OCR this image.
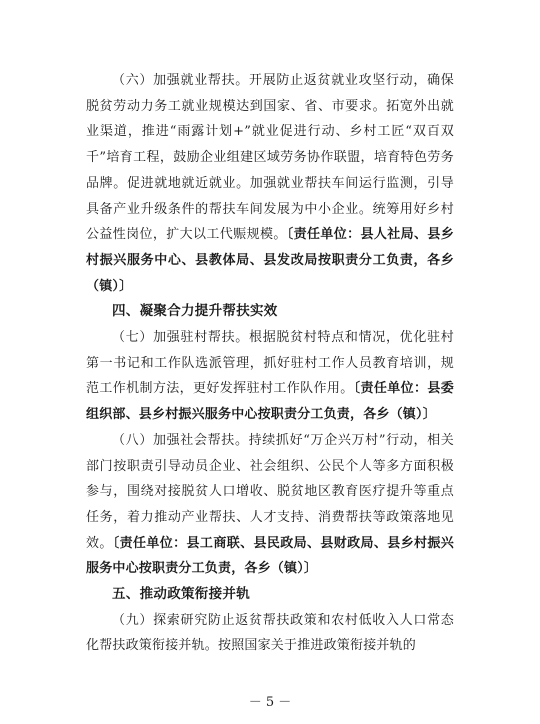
（六）加强就业帮扶。开展防止返贫就业攻坚行动，确保脱贫劳动力务工就业规模达到国家、省、市要求。拓宽外出就业渠道，推进“雨露计划+”就业促进行动、乡村工匠“双百双千”培育工程，鼓励企业组建区域劳务协作联盟，培育特色劳务品牌。促进就地就近就业。加强就业帮扶车间运行监测，引导具备产业升级条件的帮扶车间发展为中小企业。统筹用好乡村公益性岗位，扩大以工代赈规模。〔责任单位：县人社局、县乡村振兴服务中心、县教体局、县发改局按职责分工负责，各乡（镇）〕

四、凝聚合力提升帮扶实效

（七）加强驻村帮扶。根据脱贫村特点和情况，优化驻村第一书记和工作队选派管理，抓好驻村工作人员教育培训，规范工作机制方法，更好发挥驻村工作队作用。〔责任单位：县委组织部、县乡村振兴服务中心按职责分工负责，各乡（镇）〕

（八）加强社会帮扶。持续抓好“万企兴万村”行动，相关部门按职责引导动员企业、社会组织、公民个人等多方面积极参与，围绕对接脱贫人口增收、脱贫地区教育医疗提升等重点任务，着力推动产业帮扶、人才支持、消费帮扶等政策落地见效。〔责任单位：县工商联、县民政局、县财政局、县乡村振兴服务中心按职责分工负责，各乡（镇）〕

五、推动政策衔接并轨

（九）探索研究防止返贫帮扶政策和农村低收入人口常态化帮扶政策衔接并轨。按照国家关于推进政策衔接并轨的

－ 5 －
